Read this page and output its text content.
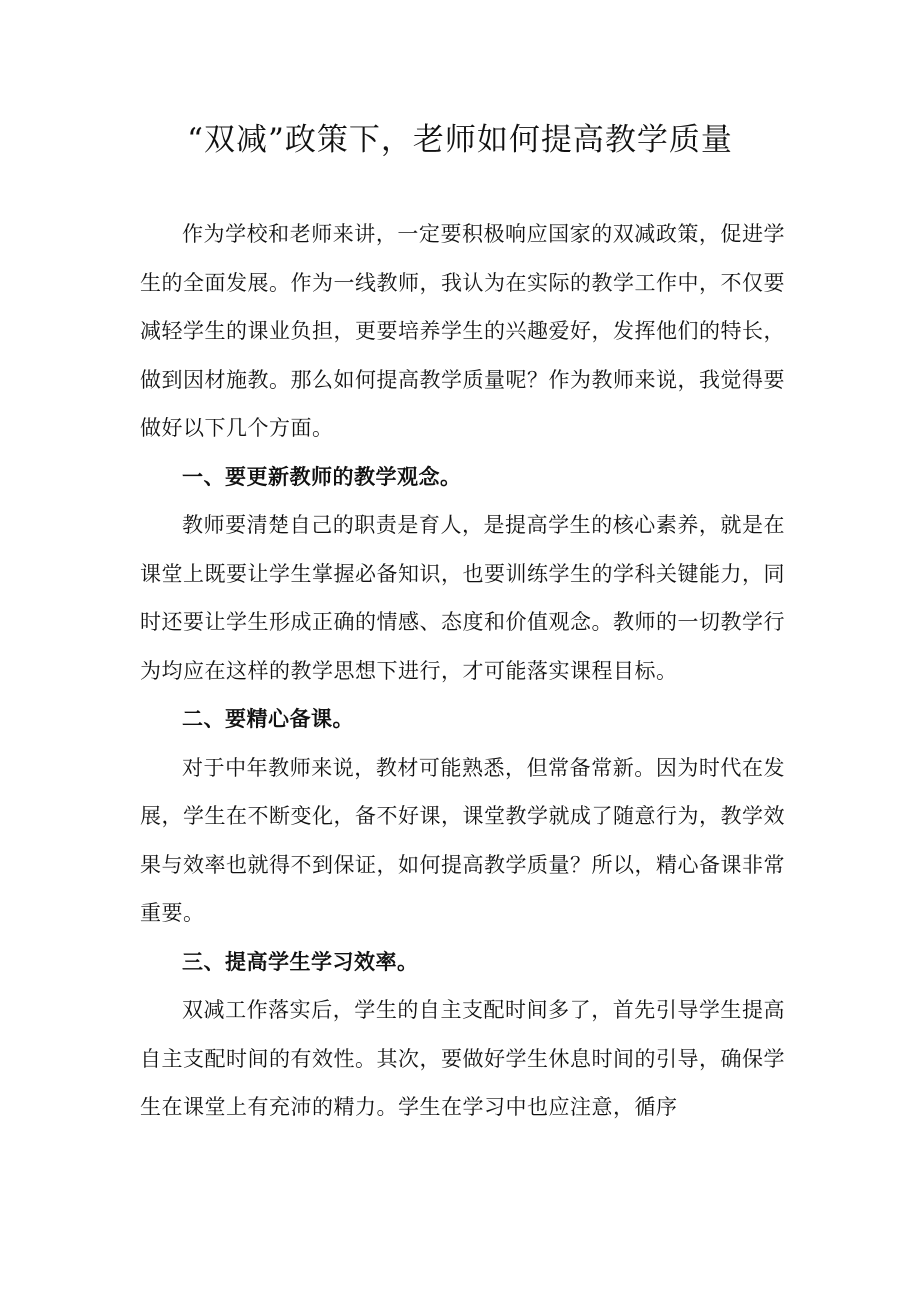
“双减”政策下，老师如何提高教学质量

作为学校和老师来讲，一定要积极响应国家的双减政策，促进学生的全面发展。作为一线教师，我认为在实际的教学工作中，不仅要减轻学生的课业负担，更要培养学生的兴趣爱好，发挥他们的特长，做到因材施教。那么如何提高教学质量呢？作为教师来说，我觉得要做好以下几个方面。

一、要更新教师的教学观念。

教师要清楚自己的职责是育人，是提高学生的核心素养，就是在课堂上既要让学生掌握必备知识，也要训练学生的学科关键能力，同时还要让学生形成正确的情感、态度和价值观念。教师的一切教学行为均应在这样的教学思想下进行，才可能落实课程目标。

二、要精心备课。

对于中年教师来说，教材可能熟悉，但常备常新。因为时代在发展，学生在不断变化，备不好课，课堂教学就成了随意行为，教学效果与效率也就得不到保证，如何提高教学质量？所以，精心备课非常重要。

三、提高学生学习效率。

双减工作落实后，学生的自主支配时间多了，首先引导学生提高自主支配时间的有效性。其次，要做好学生休息时间的引导，确保学生在课堂上有充沛的精力。学生在学习中也应注意，循序
